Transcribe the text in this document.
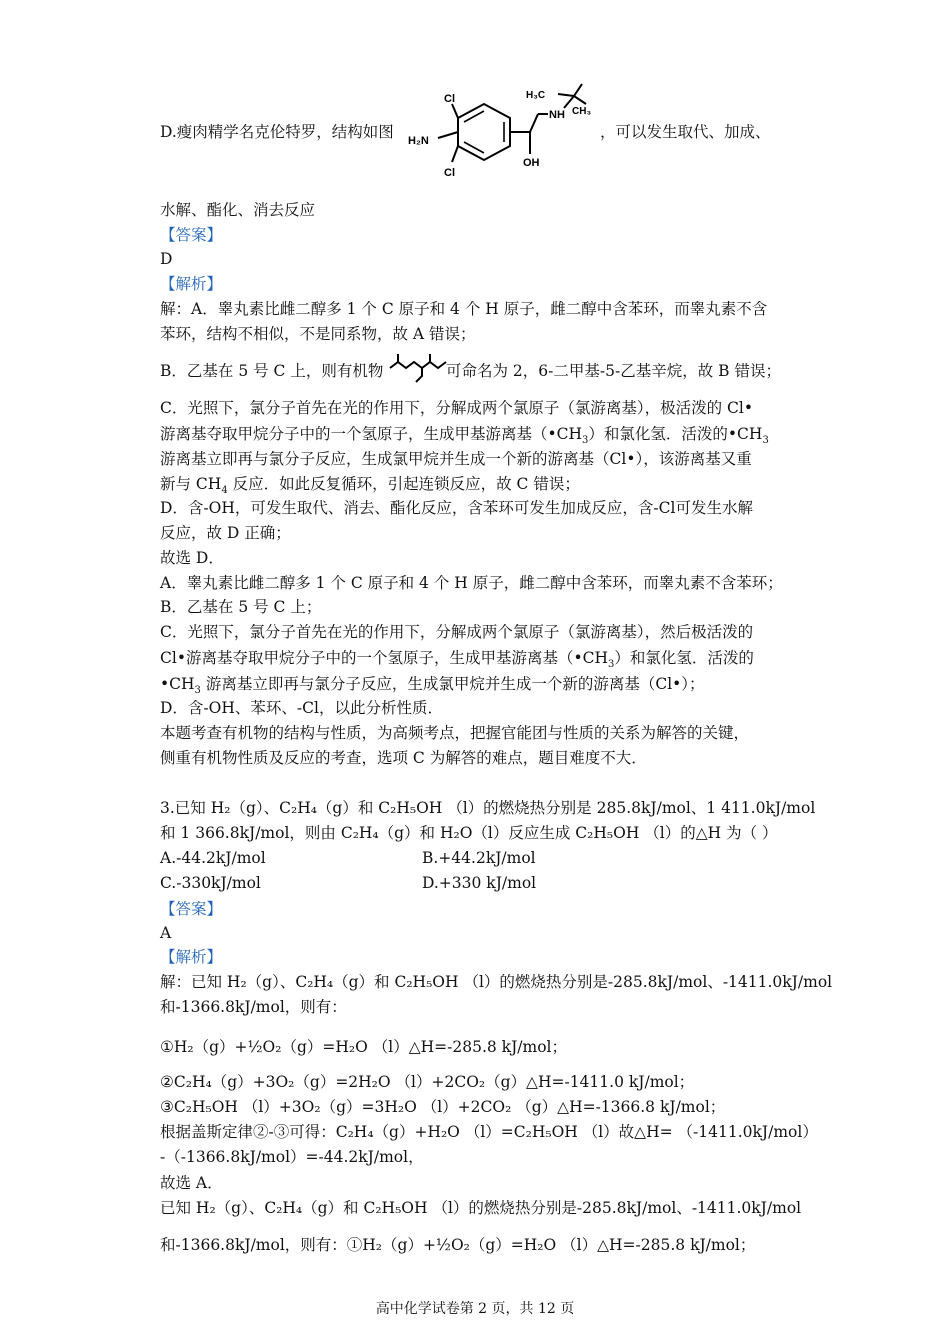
D.瘦肉精学名克伦特罗，结构如图
Cl
Cl
H₂N
OH
NH
H₃C
CH₃
，可以发生取代、加成、
水解、酯化、消去反应
【答案】
D
【解析】
解：A．睾丸素比雌二醇多 1 个 C 原子和 4 个 H 原子，雌二醇中含苯环，而睾丸素不含
苯环，结构不相似，不是同系物，故 A 错误；
B．乙基在 5 号 C 上，则有机物	可命名为 2，6-二甲基-5-乙基辛烷，故 B 错误；
C．光照下，氯分子首先在光的作用下，分解成两个氯原子（氯游离基），极活泼的 Cl•
游离基夺取甲烷分子中的一个氢原子，生成甲基游离基$(•CH_3)$和氯化氢．活泼的$•CH_3$
游离基立即再与氯分子反应，生成氯甲烷并生成一个新的游离基（Cl•），该游离基又重
新与 $CH_4$ 反应．如此反复循环，引起连锁反应，故 C 错误；
D．含-OH，可发生取代、消去、酯化反应，含苯环可发生加成反应，含-Cl可发生水解
反应，故 D 正确；
故选 D．
A．睾丸素比雌二醇多 1 个 C 原子和 4 个 H 原子，雌二醇中含苯环，而睾丸素不含苯环；
B．乙基在 5 号 C 上；
C．光照下，氯分子首先在光的作用下，分解成两个氯原子（氯游离基），然后极活泼的
Cl•游离基夺取甲烷分子中的一个氢原子，生成甲基游离基$(•CH_3)$和氯化氢．活泼的
$•CH_3$ 游离基立即再与氯分子反应，生成氯甲烷并生成一个新的游离基（Cl•）；
D．含-OH、苯环、-Cl，以此分析性质．
本题考查有机物的结构与性质，为高频考点，把握官能团与性质的关系为解答的关键，
侧重有机物性质及反应的考查，选项 C 为解答的难点，题目难度不大．
3.已知 H₂（g）、C₂H₄（g）和 C₂H₅OH （l）的燃烧热分别是 285.8kJ/mol、1 411.0kJ/mol
和 1 366.8kJ/mol，则由 C₂H₄（g）和 H₂O（l）反应生成 C₂H₅OH （l）的△H 为（ ）
A.-44.2kJ/mol	B.+44.2kJ/mol
C.-330kJ/mol	D.+330 kJ/mol
【答案】
A
【解析】
解：已知 H₂（g）、C₂H₄（g）和 C₂H₅OH （l）的燃烧热分别是-285.8kJ/mol、-1411.0kJ/mol
和-1366.8kJ/mol，则有：
①H₂（g）+½O₂（g）=H₂O （l）△H=-285.8 kJ/mol；
②C₂H₄（g）+3O₂（g）=2H₂O （l）+2CO₂（g）△H=-1411.0 kJ/mol；
③C₂H₅OH （l）+3O₂（g）=3H₂O （l）+2CO₂ （g）△H=-1366.8 kJ/mol；
根据盖斯定律②-③可得：C₂H₄（g）+H₂O （l）=C₂H₅OH （l）故△H= （-1411.0kJ/mol）
-（-1366.8kJ/mol）=-44.2kJ/mol，
故选 A．
已知 H₂（g）、C₂H₄（g）和 C₂H₅OH （l）的燃烧热分别是-285.8kJ/mol、-1411.0kJ/mol
和-1366.8kJ/mol，则有：①H₂（g）+½O₂（g）=H₂O （l）△H=-285.8 kJ/mol；
高中化学试卷第 2 页，共 12 页
